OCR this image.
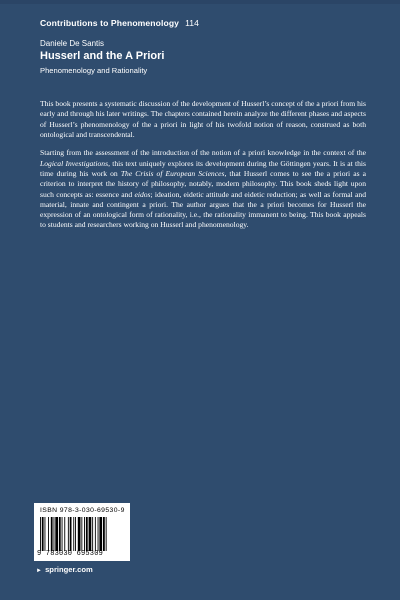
Contributions to Phenomenology 114
Daniele De Santis
Husserl and the A Priori
Phenomenology and Rationality

This book presents a systematic discussion of the development of Husserl’s concept of the a priori from his early and through his later writings. The chapters contained herein analyze the different phases and aspects of Husserl’s phenomenology of the a priori in light of his twofold notion of reason, construed as both ontological and transcendental.

Starting from the assessment of the introduction of the notion of a priori knowledge in the context of the Logical Investigations, this text uniquely explores its development during the Göttingen years. It is at this time during his work on The Crisis of European Sciences, that Husserl comes to see the a priori as a criterion to interpret the history of philosophy, notably, modern philosophy. This book sheds light upon such concepts as: essence and eidos; ideation, eidetic attitude and eidetic reduction; as well as formal and material, innate and contingent a priori. The author argues that the a priori becomes for Husserl the expression of an ontological form of rationality, i.e., the rationality immanent to being. This book appeals to students and researchers working on Husserl and phenomenology.

ISBN 978-3-030-69530-9
9 783030 695309
► springer.com
